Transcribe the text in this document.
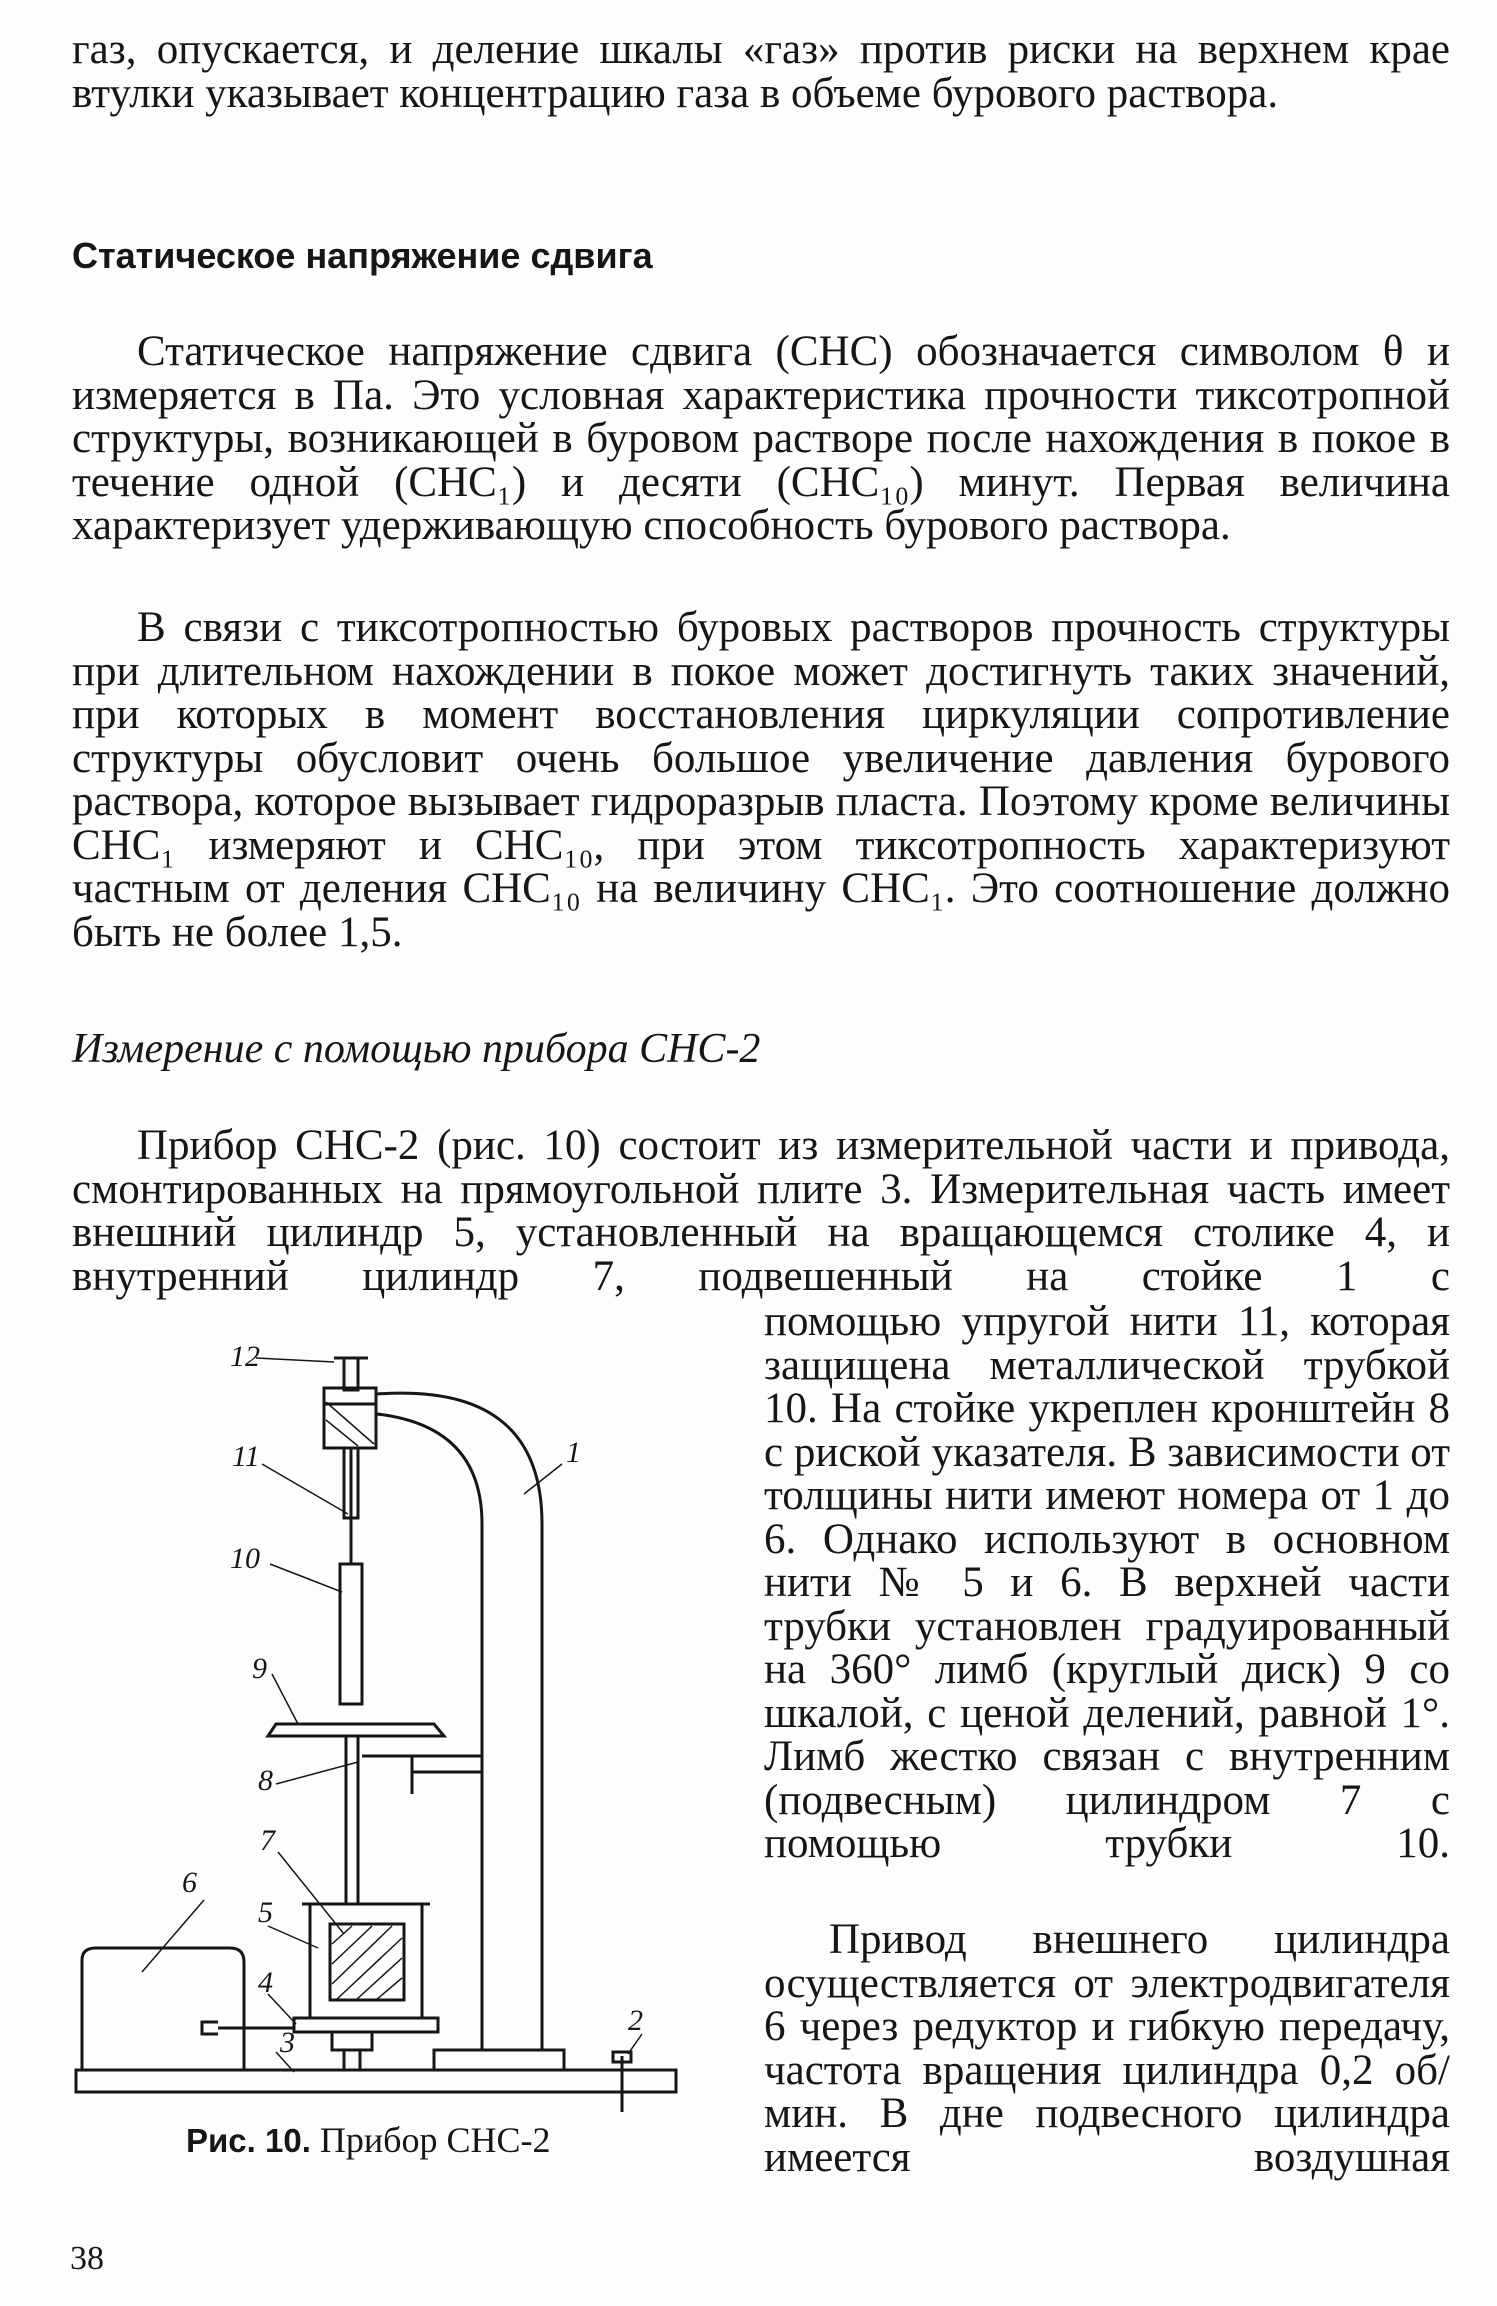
газ, опускается, и деление шкалы «газ» против риски на верхнем крае втулки указывает концентрацию газа в объеме бурового раствора.
Статическое напряжение сдвига
Статическое напряжение сдвига (СНС) обозначается символом θ и измеряется в Па. Это условная характеристика прочности тиксотропной структуры, возникающей в буровом растворе после нахождения в покое в течение одной (СНС₁) и десяти (СНС₁₀) минут. Первая величина характеризует удерживающую способность бурового раствора.
В связи с тиксотропностью буровых растворов прочность структуры при длительном нахождении в покое может достигнуть таких значений, при которых в момент восстановления циркуляции сопротивление структуры обусловит очень большое увеличение давления бурового раствора, которое вызывает гидроразрыв пласта. Поэтому кроме величины СНС₁ измеряют и СНС₁₀, при этом тиксотропность характеризуют частным от деления СНС₁₀ на величину СНС₁. Это соотношение должно быть не более 1,5.
Измерение с помощью прибора СНС-2
Прибор СНС-2 (рис. 10) состоит из измерительной части и привода, смонтированных на прямоугольной плите 3. Измерительная часть имеет внешний цилиндр 5, установленный на вращающемся столике 4, и внутренний цилиндр 7, подвешенный на стойке 1 с
помощью упругой нити 11, которая защищена металлической трубкой 10. На стойке укреплен кронштейн 8 с риской указателя. В зависимости от толщины нити имеют номера от 1 до 6. Однако используют в основном нити № 5 и 6. В верхней части трубки установлен градуированный на 360° лимб (круглый диск) 9 со шкалой, с ценой делений, равной 1°. Лимб жестко связан с внутренним (подвесным) цилиндром 7 с помощью трубки 10.
Привод внешнего цилиндра осуществляется от электродвигателя 6 через редуктор и гибкую передачу, частота вращения цилиндра 0,2 об/мин. В дне подвесного цилиндра имеется воздушная
12
11
10
9
8
7
6
5
4
3
2
1
Рис. 10. Прибор СНС-2
38
